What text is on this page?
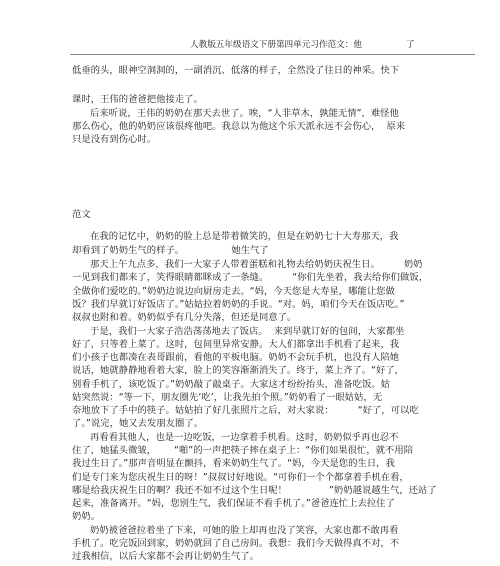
人教版五年级语文下册第四单元习作范文：他	了
低垂的头，眼神空洞洞的，一副消沉、低落的样子，全然没了往日的神采。快下
课时，王伟的爸爸把他接走了。
后来听说，王伟的奶奶在那天去世了。唉，“人非草木，孰能无情”，难怪他
那么伤心，他的奶奶应该很疼他吧。我总以为他这个乐天派永远不会伤心，  原来
只是没有到伤心时。
范文
在我的记忆中，奶奶的脸上总是带着微笑的，但是在奶奶七十大寿那天，我
却看到了奶奶生气的样子。
那天上午九点多，我们一大家子人带着蛋糕和礼物去给奶奶庆祝生日。        奶奶
一见到我们都来了，笑得眼睛都眯成了一条缝。        “你们先坐着，我去给你们做饭，
全做你们爱吃的。”奶奶边说边向厨房走去。“妈，今天您是大寿星，哪能让您做
饭？我们早就订好饭店了。”姑姑拉着奶奶的手说。“对。妈，咱们今天在饭店吃。”
叔叔也附和着。奶奶似乎有几分失落，但还是同意了。
于是，我们一大家子浩浩荡荡地去了饭店。  来到早就订好的包间，大家都坐
好了，只等着上菜了。这时，包间里异常安静。大人们都拿出手机看了起来，我
们小孩子也都凑在表哥跟前，看他的平板电脑。奶奶不会玩手机，也没有人陪她
说话，她就静静地看着大家，脸上的笑容渐渐消失了。终于，菜上齐了。“好了，
别看手机了，该吃饭了。”奶奶敲了敲桌子。大家这才纷纷抬头，准备吃饭。姑
姑突然说：“等一下，朋友圈先‘吃’，让我先拍个照。”奶奶看了一眼姑姑，无
奈地放下了手中的筷子。姑姑拍了好几张照片之后，对大家说：        “好了，可以吃
了。”说完，她又去发朋友圈了。
再看看其他人，也是一边吃饭，一边拿着手机看。这时，奶奶似乎再也忍不
住了，她猛头微皱，      “啪”的一声把筷子摔在桌子上：“你们如果很忙，就不用陪
我过生日了。”那声音明显在颤抖，看来奶奶生气了。“妈，今天是您的生日，我
们是专门来为您庆祝生日的呀！”叔叔讨好地说。“可你们一个个都拿着手机在看，
哪是给我庆祝生日的啊？我还不如不过这个生日呢！              ”奶奶越说越生气，还站了
起来，准备离开。“妈，您别生气，我们保证不看手机了。”爸爸连忙上去拉住了
奶奶。
奶奶被爸爸拉着坐了下来，可她的脸上却再也没了笑容，大家也都不敢再看
手机了。吃完饭回到家，奶奶就回了自己房间。我想：我们今天做得真不对，不
过我相信，以后大家都不会再让奶奶生气了。
她生气了
